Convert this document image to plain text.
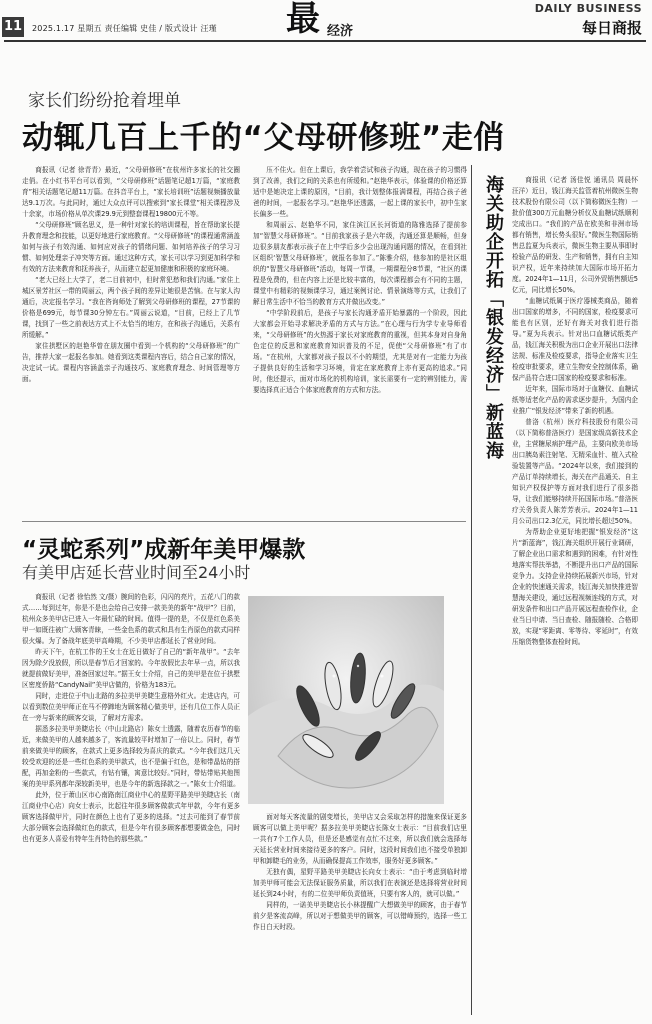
11 2025.1.17 星期五 责任编辑 史佳 / 版式设计 汪瑾 最 经济
DAILY BUSINESS
每日商报
家长们纷纷抢着埋单
动辄几百上千的“父母研修班”走俏

商报讯（记者 徐青青）最近，“父母研修班”在杭州许多家长的社交圈走俏。在小红书平台可以看到，“父母研修班”话题笔记超1万篇，“家庭教育”相关话题笔记超11万篇。在抖音平台上，“家长培训班”话题视频播放量达9.1万次。与此同时，通过大众点评可以搜索到“家长课堂”相关课程涉及十余家，市场价格从单次课29.9元到整套课程19800元不等。

“父母研修班”顾名思义，是一种针对家长的培训课程，旨在帮助家长提升教育理念和技能，以更好地进行家庭教育。“父母研修班”的课程通常涵盖如何与孩子有效沟通、如何应对孩子的情绪问题、如何培养孩子的学习习惯、如何处理亲子冲突等方面。通过这种方式，家长可以学习到更加科学和有效的方法来教育和抚养孩子，从而建立起更加健康和积极的家庭环境。

“老大已经上大学了，老二目前初中，但时常犯愁和我们沟通。”家住上城区景芳社区一带的周丽云，两个孩子间的差异让她很是苦恼。在与家人沟通后，决定报名学习。“我在咨询师处了解到父母研修班的课程，27节课的价格是699元，每节课30分钟左右。”周丽云说道，“目前，已经上了几节课，找到了一些之前表达方式上不太恰当的地方，在和孩子沟通后，关系有所缓解。”

家住拱墅区的赵艳华曾在朋友圈中看到一个机构的“父母研修班”的广告，推荐大家一起报名参加。她看到这类课程内容后，结合自己家的情况，决定试一试。课程内容涵盖亲子沟通技巧、家庭教育理念、时间管理等方面。

压不住火。但在上课后，我学着尝试和孩子沟通，现在孩子的习惯得到了改善，我们之间的关系也有所缓和。”赵艳华表示，体验课的价格还算适中是她决定上课的原因，“目前，我计划整体报满课程，再结合孩子爸爸的时间，一起报名学习。”赵艳华还透露，一起上课的家长中，初中生家长偏多一些。

和周丽云、赵艳华不同，家住滨江区长河街道的陈雅选择了提前参加“智慧父母研修班”。“目前我家孩子是六年级，沟通还算是顺畅，但身边很多朋友都表示孩子在上中学后多少会出现沟通问题的情况，在看到社区组织‘智慧父母研修班’，就报名参加了。”陈雅介绍，他参加的是社区组织的“智慧父母研修班”活动，每周一节课，一期课程分8节课，“社区的课程是免费的，但在内容上还是比较丰富的，每次课程都会有不同的主题，课堂中有精彩的视频课学习，通过案例讨论、情景演练等方式，让我们了解日常生活中不恰当的教育方式并做出改变。”

“中学阶段前后，是孩子与家长沟通矛盾开始暴露的一个阶段，因此大家都会开始寻求解决矛盾的方式与方法。”在心理与行为学专业导师看来，“父母研修班”的火热源于家长对家庭教育的重视，但其本身对自身角色定位的反思和家庭教育知识普及的不足，促使“父母研修班”有了市场。“在杭州，大家都对孩子报以不小的期望，尤其是对有一定能力为孩子提供良好的生活和学习环境，肯定在家庭教育上亦有更高的追求。”同时，他还提示，面对市场化的机构培训，家长需要有一定的辨别能力，需要选择真正适合个体家庭教育的方式和方法。	海关助企开拓「银发经济」新蓝海	商报讯（记者 汤佳悦 通讯员 周晨怀 汪洋）近日，钱江海关监管着杭州微医生物技术股份有限公司（以下简称微医生物）一批价值300万元血糖分析仪及血糖试纸顺利完成出口。“我们的产品在欧美和非洲市场都有销售，增长势头很好。”微医生物国际销售总监夏为兵表示，微医生物主要从事即时检验产品的研发、生产和销售，拥有自主知识产权，近年来持续加大国际市场开拓力度。2024年1—11月，公司外贸销售额近5亿元，同比增长50%。

“血糖试纸属于医疗器械类商品，随着出口国家的增多，不同的国家，检疫要求可能也有区别，还好有海关对我们进行指导。”夏为兵表示。针对出口血糖试纸类产品，钱江海关积极为出口企业开展出口法律法规、标准及检疫要求，指导企业落实卫生检疫审批要求，建立生物安全控制体系，确保产品符合进口国家的检疫要求和标准。

近年来，国际市场对于血糖仪、血糖试纸等适老化产品的需求逐步提升，为国内企业推广“银发经济”带来了新的机遇。

普洛（杭州）医疗科技股份有限公司（以下简称普洛医疗）是国家级高新技术企业，主营糖尿病护理产品，主要向欧美市场出口胰岛素注射笔、无精采血针、植入式检验装置等产品。“2024年以来，我们接到的产品订单持续增长，海关在产品通关、自主知识产权保护等方面对我们进行了很多指导，让我们能够持续开拓国际市场。”普洛医疗关务负责人陈芳芳表示。2024年1—11月公司出口2.3亿元，同比增长超过50%。

为帮助企业更好地把握“银发经济”这片“新蓝海”，钱江海关组织开展行业调研，了解企业出口需求和遇到的困难，有针对性地落实帮扶举措，不断提升出口产品的国际竞争力。支持企业持续拓展新兴市场，针对企业的快速通关需求，钱江海关加快推进智慧海关建设，通过远程视频连线的方式，对研发条件和出口产品开展远程查检作业，企业当日申请、当日查检、随报随检、合格即放，实现“零距离、零等待、零延时”，有效压缩货物整体查检时间。

“灵蛇系列”成新年美甲爆款
有美甲店延长营业时间至24小时

商报讯（记者 徐怡然 文/摄）腕间的色彩，闪闪的亮片，五花八门的款式……每到过年，你是不是也会给自己安排一款美美的新年“战甲”？目前，杭州众多美甲店已进入一年最忙碌的时间。值得一提的是，不仅是红色系美甲一如既往被广大顾客青睐，一些金色系的款式和具有生肖原色的款式同样很火爆。为了备战年底美甲高峰期，不少美甲店都延长了营业时间。

昨天下午，在杭工作的王女士在近日做好了自己的“新年战甲”。“去年因为除夕没放假，所以是春节后才回家的。今年放假比去年早一点，所以我就提前做好美甲，准备回家过年。”据王女士介绍，自己的美甲是在位于拱墅区密度侨路“CandyNail”美甲店做的，价格为183元。

同时，走进位于中山北路的多拉美甲美睫生意格外红火。走进店内，可以看到数位美甲师正在马不停蹄地为顾客精心做美甲，还有几位工作人员正在一旁与新来的顾客交谈，了解对方需求。

据悉多拉美甲美睫店长（中山北路店）陈女士透露，随着农历春节的临近，来做美甲的人越来越多了，客流量较平时增加了一倍以上。同时，春节前来做美甲的顾客，在款式上更多选择较为喜庆的款式。“今年我们这几天较受欢迎的还是一些红色系的美甲款式，也不是偏于红色，是和带晶钻的搭配，再加金粉的一些款式，有钻有镶，寓意比较好。”同时，带钻带贴其他图案的美甲系列都年深较新美甲，也是今年的新选择款之一。”陈女士介绍道。

此外，位于萧山区市心南路南江商业中心的星野平路美甲美睫店长（南江商业中心店）向女士表示，比起往年很多顾客做款式年甲款，今年有更多顾客选择做甲片，同时在颜色上也有了更多的选择。“过去可能到了春节前大部分顾客会选择做红色的款式，但是今年有很多顾客都想要做金色，同时也有更多人喜爱有特年生肖特色的那些款。”

面对每天客流量的剧变增长，美甲店又会采取怎样的措施来保证更多顾客可以做上美甲呢？据多拉美甲美睫店长陈女士表示：“目前我们店里一共有7个工作人员，但是还是感觉有点忙不过来，所以我们就会选择每天延长营业时间来接待更多的客户。同时，这段时间我们也不接受单独卸甲和卸睫毛的业务，从而确保提高工作效率，服务好更多顾客。”

无独有偶，星野平路美甲美睫店长向女士表示：“由于考虑到临时增加美甲师可能会无法保证服务质量，所以我们在表演还是选择将营业时间延长到24小时，有的二位美甲师负责值班，只要有客人的，就可以做。”

同样的，一诺美甲美睫店长小林提醒广大想做美甲的顾客，由于春节前夕是客流高峰，所以对于想做美甲的顾客，可以错峰预约，选择一些工作日白天时段。
